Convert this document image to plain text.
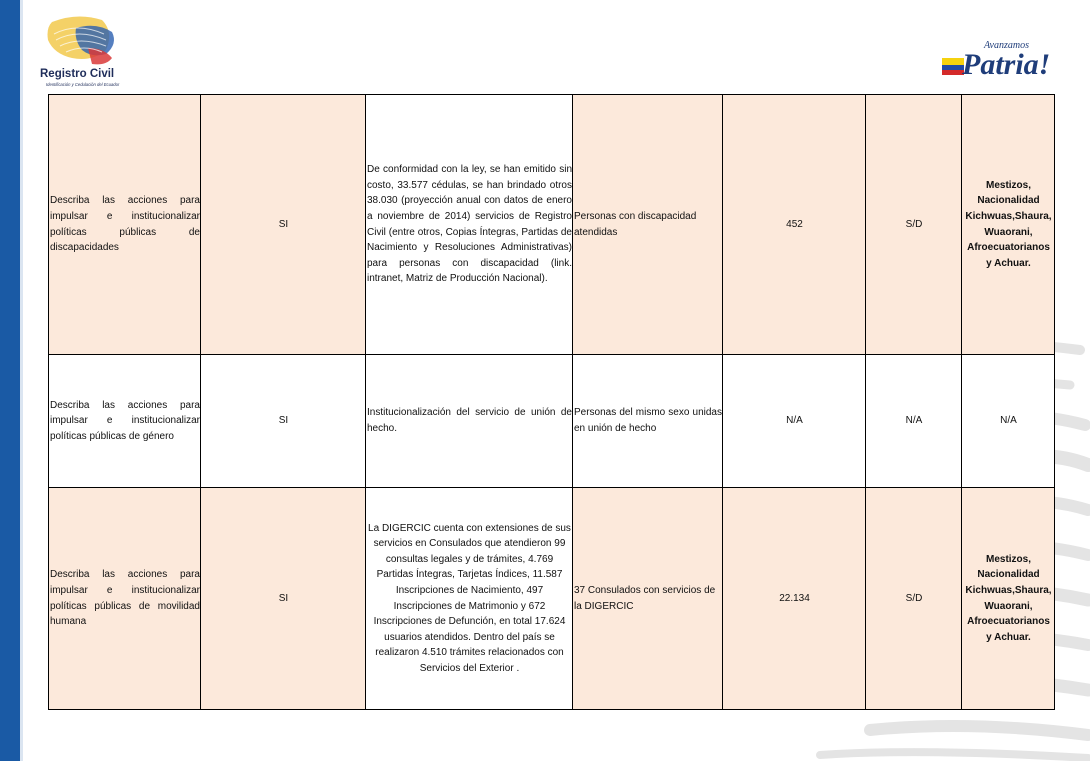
Registro Civil
Identificación y Cedulación del Ecuador
Avanzamos
Patria!
Describa las acciones para impulsar e institucionalizar políticas públicas de discapacidades	SI	De conformidad con la ley, se han emitido sin costo, 33.577 cédulas, se han brindado otros 38.030 (proyección anual con datos de enero a noviembre de 2014) servicios de Registro Civil (entre otros, Copias Íntegras, Partidas de Nacimiento y Resoluciones Administrativas) para personas con discapacidad (link. intranet, Matriz de Producción Nacional).	Personas con discapacidad atendidas	452	S/D	Mestizos, Nacionalidad Kichwuas,Shaura, Wuaorani, Afroecuatorianos y Achuar.
Describa las acciones para impulsar e institucionalizar políticas públicas de género	SI	Institucionalización del servicio de unión de hecho.	Personas del mismo sexo unidas en unión de hecho	N/A	N/A	N/A
Describa las acciones para impulsar e institucionalizar políticas públicas de movilidad humana	SI	La DIGERCIC cuenta con extensiones de sus servicios en Consulados que atendieron 99 consultas legales y de trámites, 4.769 Partidas Íntegras, Tarjetas Índices, 11.587 Inscripciones de Nacimiento, 497 Inscripciones de Matrimonio y 672 Inscripciones de Defunción, en total 17.624 usuarios atendidos. Dentro del país se realizaron 4.510 trámites relacionados con Servicios del Exterior .	37 Consulados con servicios de la DIGERCIC	22.134	S/D	Mestizos, Nacionalidad Kichwuas,Shaura, Wuaorani, Afroecuatorianos y Achuar.
